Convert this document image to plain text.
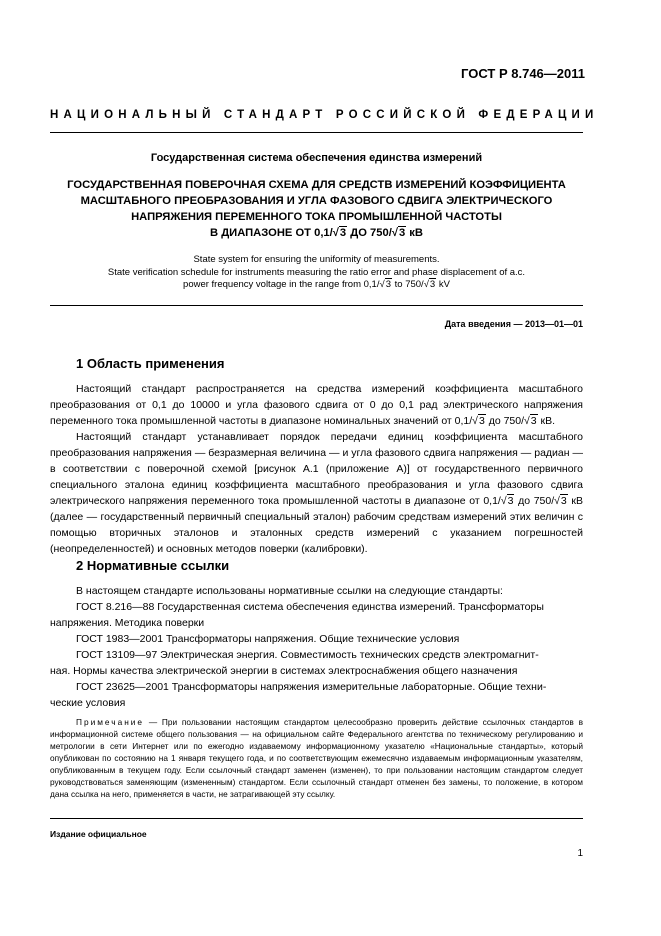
ГОСТ Р 8.746—2011
НАЦИОНАЛЬНЫЙ СТАНДАРТ РОССИЙСКОЙ ФЕДЕРАЦИИ
Государственная система обеспечения единства измерений
ГОСУДАРСТВЕННАЯ ПОВЕРОЧНАЯ СХЕМА ДЛЯ СРЕДСТВ ИЗМЕРЕНИЙ КОЭФФИЦИЕНТА
МАСШТАБНОГО ПРЕОБРАЗОВАНИЯ И УГЛА ФАЗОВОГО СДВИГА ЭЛЕКТРИЧЕСКОГО
НАПРЯЖЕНИЯ ПЕРЕМЕННОГО ТОКА ПРОМЫШЛЕННОЙ ЧАСТОТЫ
В ДИАПАЗОНЕ ОТ 0,1/√3 ДО 750/√3 кВ
State system for ensuring the uniformity of measurements.
State verification schedule for instruments measuring the ratio error and phase displacement of a.c.
power frequency voltage in the range from 0,1/√3 to 750/√3 kV
Дата введения — 2013—01—01
1 Область применения

Настоящий стандарт распространяется на средства измерений коэффициента масштабного преобразования от 0,1 до 10000 и угла фазового сдвига от 0 до 0,1 рад электрического напряжения переменного тока промышленной частоты в диапазоне номинальных значений от 0,1/√3 до 750/√3 кВ.

Настоящий стандарт устанавливает порядок передачи единиц коэффициента масштабного преобразования напряжения — безразмерная величина — и угла фазового сдвига напряжения — радиан — в соответствии с поверочной схемой [рисунок А.1 (приложение А)] от государственного первичного специального эталона единиц коэффициента масштабного преобразования и угла фазового сдвига электрического напряжения переменного тока промышленной частоты в диапазоне от 0,1/√3 до 750/√3 кВ (далее — государственный первичный специальный эталон) рабочим средствам измерений этих величин с помощью вторичных эталонов и эталонных средств измерений с указанием погрешностей (неопределенностей) и основных методов поверки (калибровки).

2 Нормативные ссылки
В настоящем стандарте использованы нормативные ссылки на следующие стандарты:
ГОСТ 8.216—88 Государственная система обеспечения единства измерений. Трансформаторы
напряжения. Методика поверки
ГОСТ 1983—2001 Трансформаторы напряжения. Общие технические условия
ГОСТ 13109—97 Электрическая энергия. Совместимость технических средств электромагнит-
ная. Нормы качества электрической энергии в системах электроснабжения общего назначения
ГОСТ 23625—2001 Трансформаторы напряжения измерительные лабораторные. Общие техни-
ческие условия
Примечание — При пользовании настоящим стандартом целесообразно проверить действие ссылочных стандартов в информационной системе общего пользования — на официальном сайте Федерального агентства по техническому регулированию и метрологии в сети Интернет или по ежегодно издаваемому информационному указателю «Национальные стандарты», который опубликован по состоянию на 1 января текущего года, и по соответствующим ежемесячно издаваемым информационным указателям, опубликованным в текущем году. Если ссылочный стандарт заменен (изменен), то при пользовании настоящим стандартом следует руководствоваться заменяющим (измененным) стандартом. Если ссылочный стандарт отменен без замены, то положение, в котором дана ссылка на него, применяется в части, не затрагивающей эту ссылку.
Издание официальное
1
